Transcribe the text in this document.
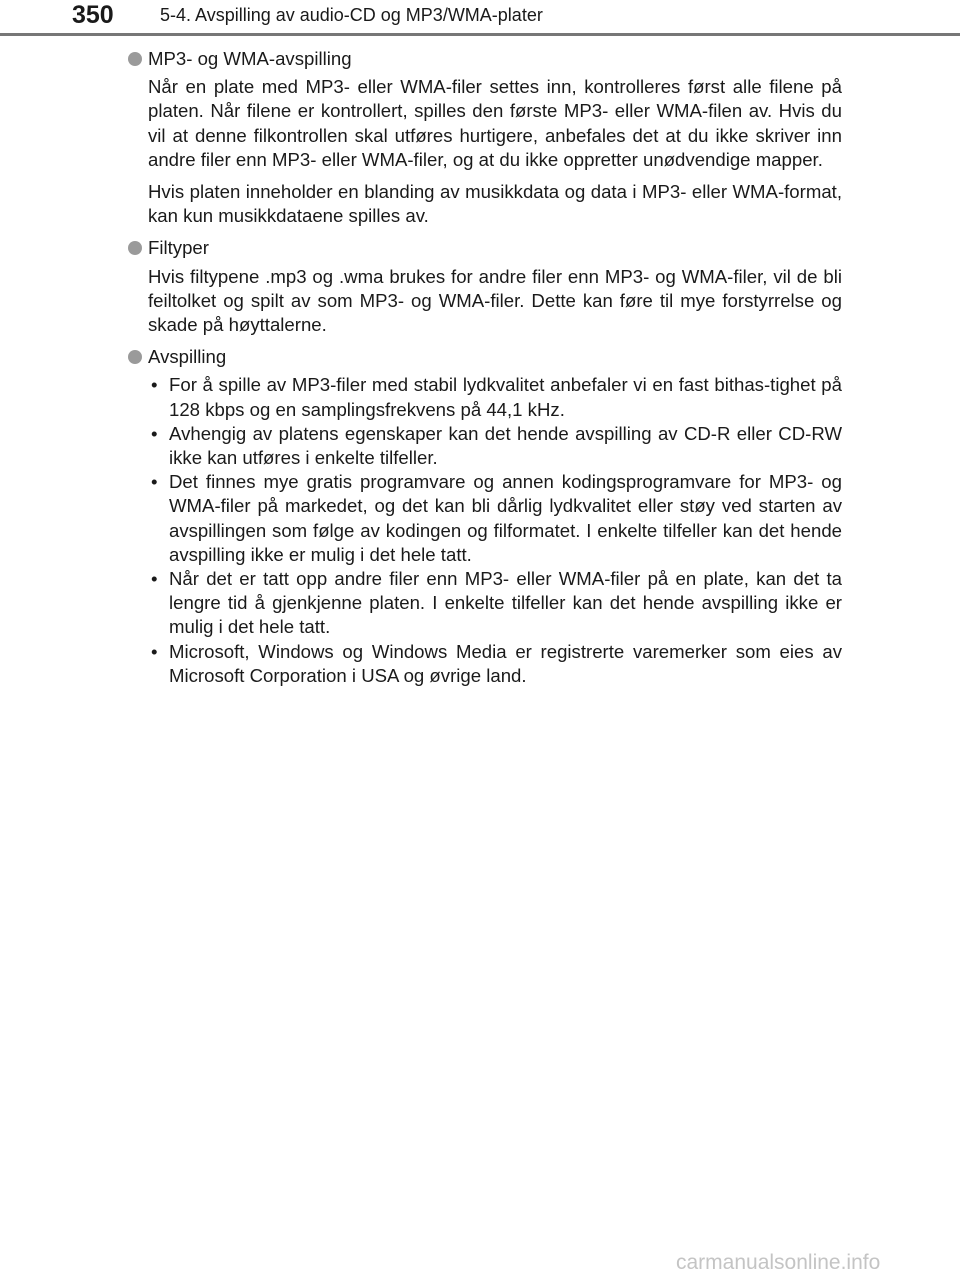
350	5-4. Avspilling av audio-CD og MP3/WMA-plater
MP3- og WMA-avspilling

Når en plate med MP3- eller WMA-filer settes inn, kontrolleres først alle filene på platen. Når filene er kontrollert, spilles den første MP3- eller WMA-filen av. Hvis du vil at denne filkontrollen skal utføres hurtigere, anbefales det at du ikke skriver inn andre filer enn MP3- eller WMA-filer, og at du ikke oppretter unødvendige mapper.

Hvis platen inneholder en blanding av musikkdata og data i MP3- eller WMA-format, kan kun musikkdataene spilles av.

Filtyper

Hvis filtypene .mp3 og .wma brukes for andre filer enn MP3- og WMA-filer, vil de bli feiltolket og spilt av som MP3- og WMA-filer. Dette kan føre til mye forstyrrelse og skade på høyttalerne.

Avspilling
• For å spille av MP3-filer med stabil lydkvalitet anbefaler vi en fast bithas-tighet på 128 kbps og en samplingsfrekvens på 44,1 kHz.
• Avhengig av platens egenskaper kan det hende avspilling av CD-R eller CD-RW ikke kan utføres i enkelte tilfeller.
• Det finnes mye gratis programvare og annen kodingsprogramvare for MP3- og WMA-filer på markedet, og det kan bli dårlig lydkvalitet eller støy ved starten av avspillingen som følge av kodingen og filformatet. I enkelte tilfeller kan det hende avspilling ikke er mulig i det hele tatt.
• Når det er tatt opp andre filer enn MP3- eller WMA-filer på en plate, kan det ta lengre tid å gjenkjenne platen. I enkelte tilfeller kan det hende avspilling ikke er mulig i det hele tatt.
• Microsoft, Windows og Windows Media er registrerte varemerker som eies av Microsoft Corporation i USA og øvrige land.
carmanualsonline.info
